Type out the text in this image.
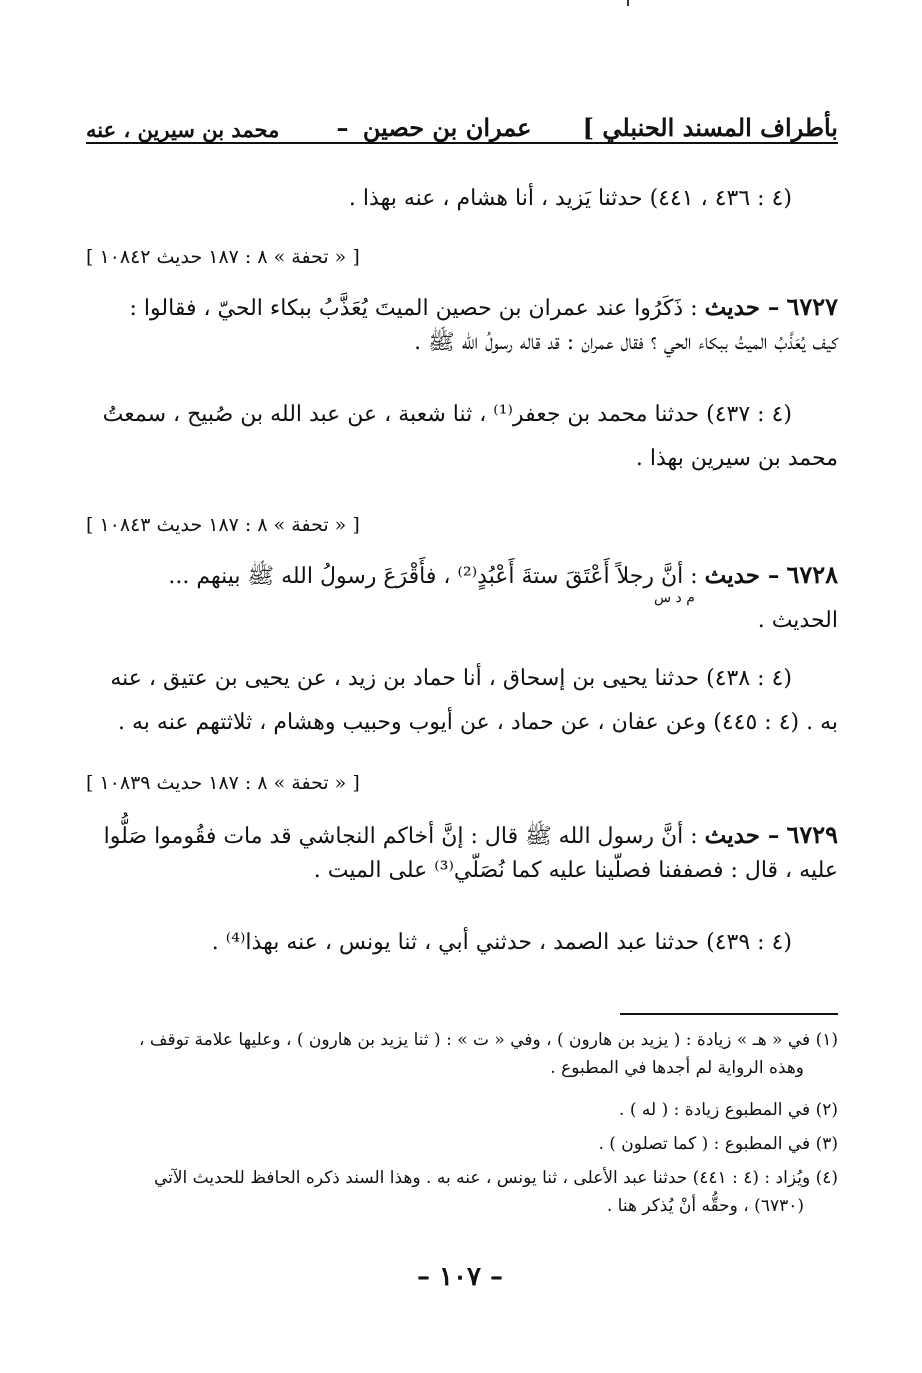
بأطراف المسند الحنبلي ]
عمران بن حصين –
محمد بن سيرين ، عنه
(٤ : ٤٣٦ ، ٤٤١) حدثنا يَزيد ، أنا هشام ، عنه بهذا .
[ « تحفة » ٨ : ١٨٧ حديث ١٠٨٤٢ ]
٦٧٢٧ – حديث : ذَكَرُوا عند عمران بن حصين الميتَ يُعَذَّبُ ببكاء الحيّ ، فقالوا :
كيف يُعَذَّبُ الميتُ ببكاء الحي ؟ فقال عمران : قد قاله رسولُ الله ﷺ .
(٤ : ٤٣٧) حدثنا محمد بن جعفر⁽¹⁾ ، ثنا شعبة ، عن عبد الله بن صُبيح ، سمعتُ
محمد بن سيرين بهذا .
[ « تحفة » ٨ : ١٨٧ حديث ١٠٨٤٣ ]
٦٧٢٨ – حديث : أنَّ رجلاً أَعْتَقَ ستةَ أَعْبُدٍ⁽²⁾ ، فأَقْرَعَ رسولُ الله ﷺ بينهم ...
الحديث .
م د س
(٤ : ٤٣٨) حدثنا يحيى بن إسحاق ، أنا حماد بن زيد ، عن يحيى بن عتيق ، عنه
به . (٤ : ٤٤٥) وعن عفان ، عن حماد ، عن أيوب وحبيب وهشام ، ثلاثتهم عنه به .
[ « تحفة » ٨ : ١٨٧ حديث ١٠٨٣٩ ]
٦٧٢٩ – حديث : أنَّ رسول الله ﷺ قال : إنَّ أخاكم النجاشي قد مات فقُوموا صَلُّوا
عليه ، قال : فصففنا فصلّينا عليه كما نُصَلّي⁽³⁾ على الميت .
(٤ : ٤٣٩) حدثنا عبد الصمد ، حدثني أبي ، ثنا يونس ، عنه بهذا⁽⁴⁾ .
(١) في « هـ » زيادة : ( يزيد بن هارون ) ، وفي « ت » : ( ثنا يزيد بن هارون ) ، وعليها علامة توقف ،
وهذه الرواية لم أجدها في المطبوع .
(٢) في المطبوع زيادة : ( له ) .
(٣) في المطبوع : ( كما تصلون ) .
(٤) ويُزاد : (٤ : ٤٤١) حدثنا عبد الأعلى ، ثنا يونس ، عنه به . وهذا السند ذكره الحافظ للحديث الآتي
(٦٧٣٠) ، وحقُّه أنْ يُذكر هنا .
– ١٠٧ –
